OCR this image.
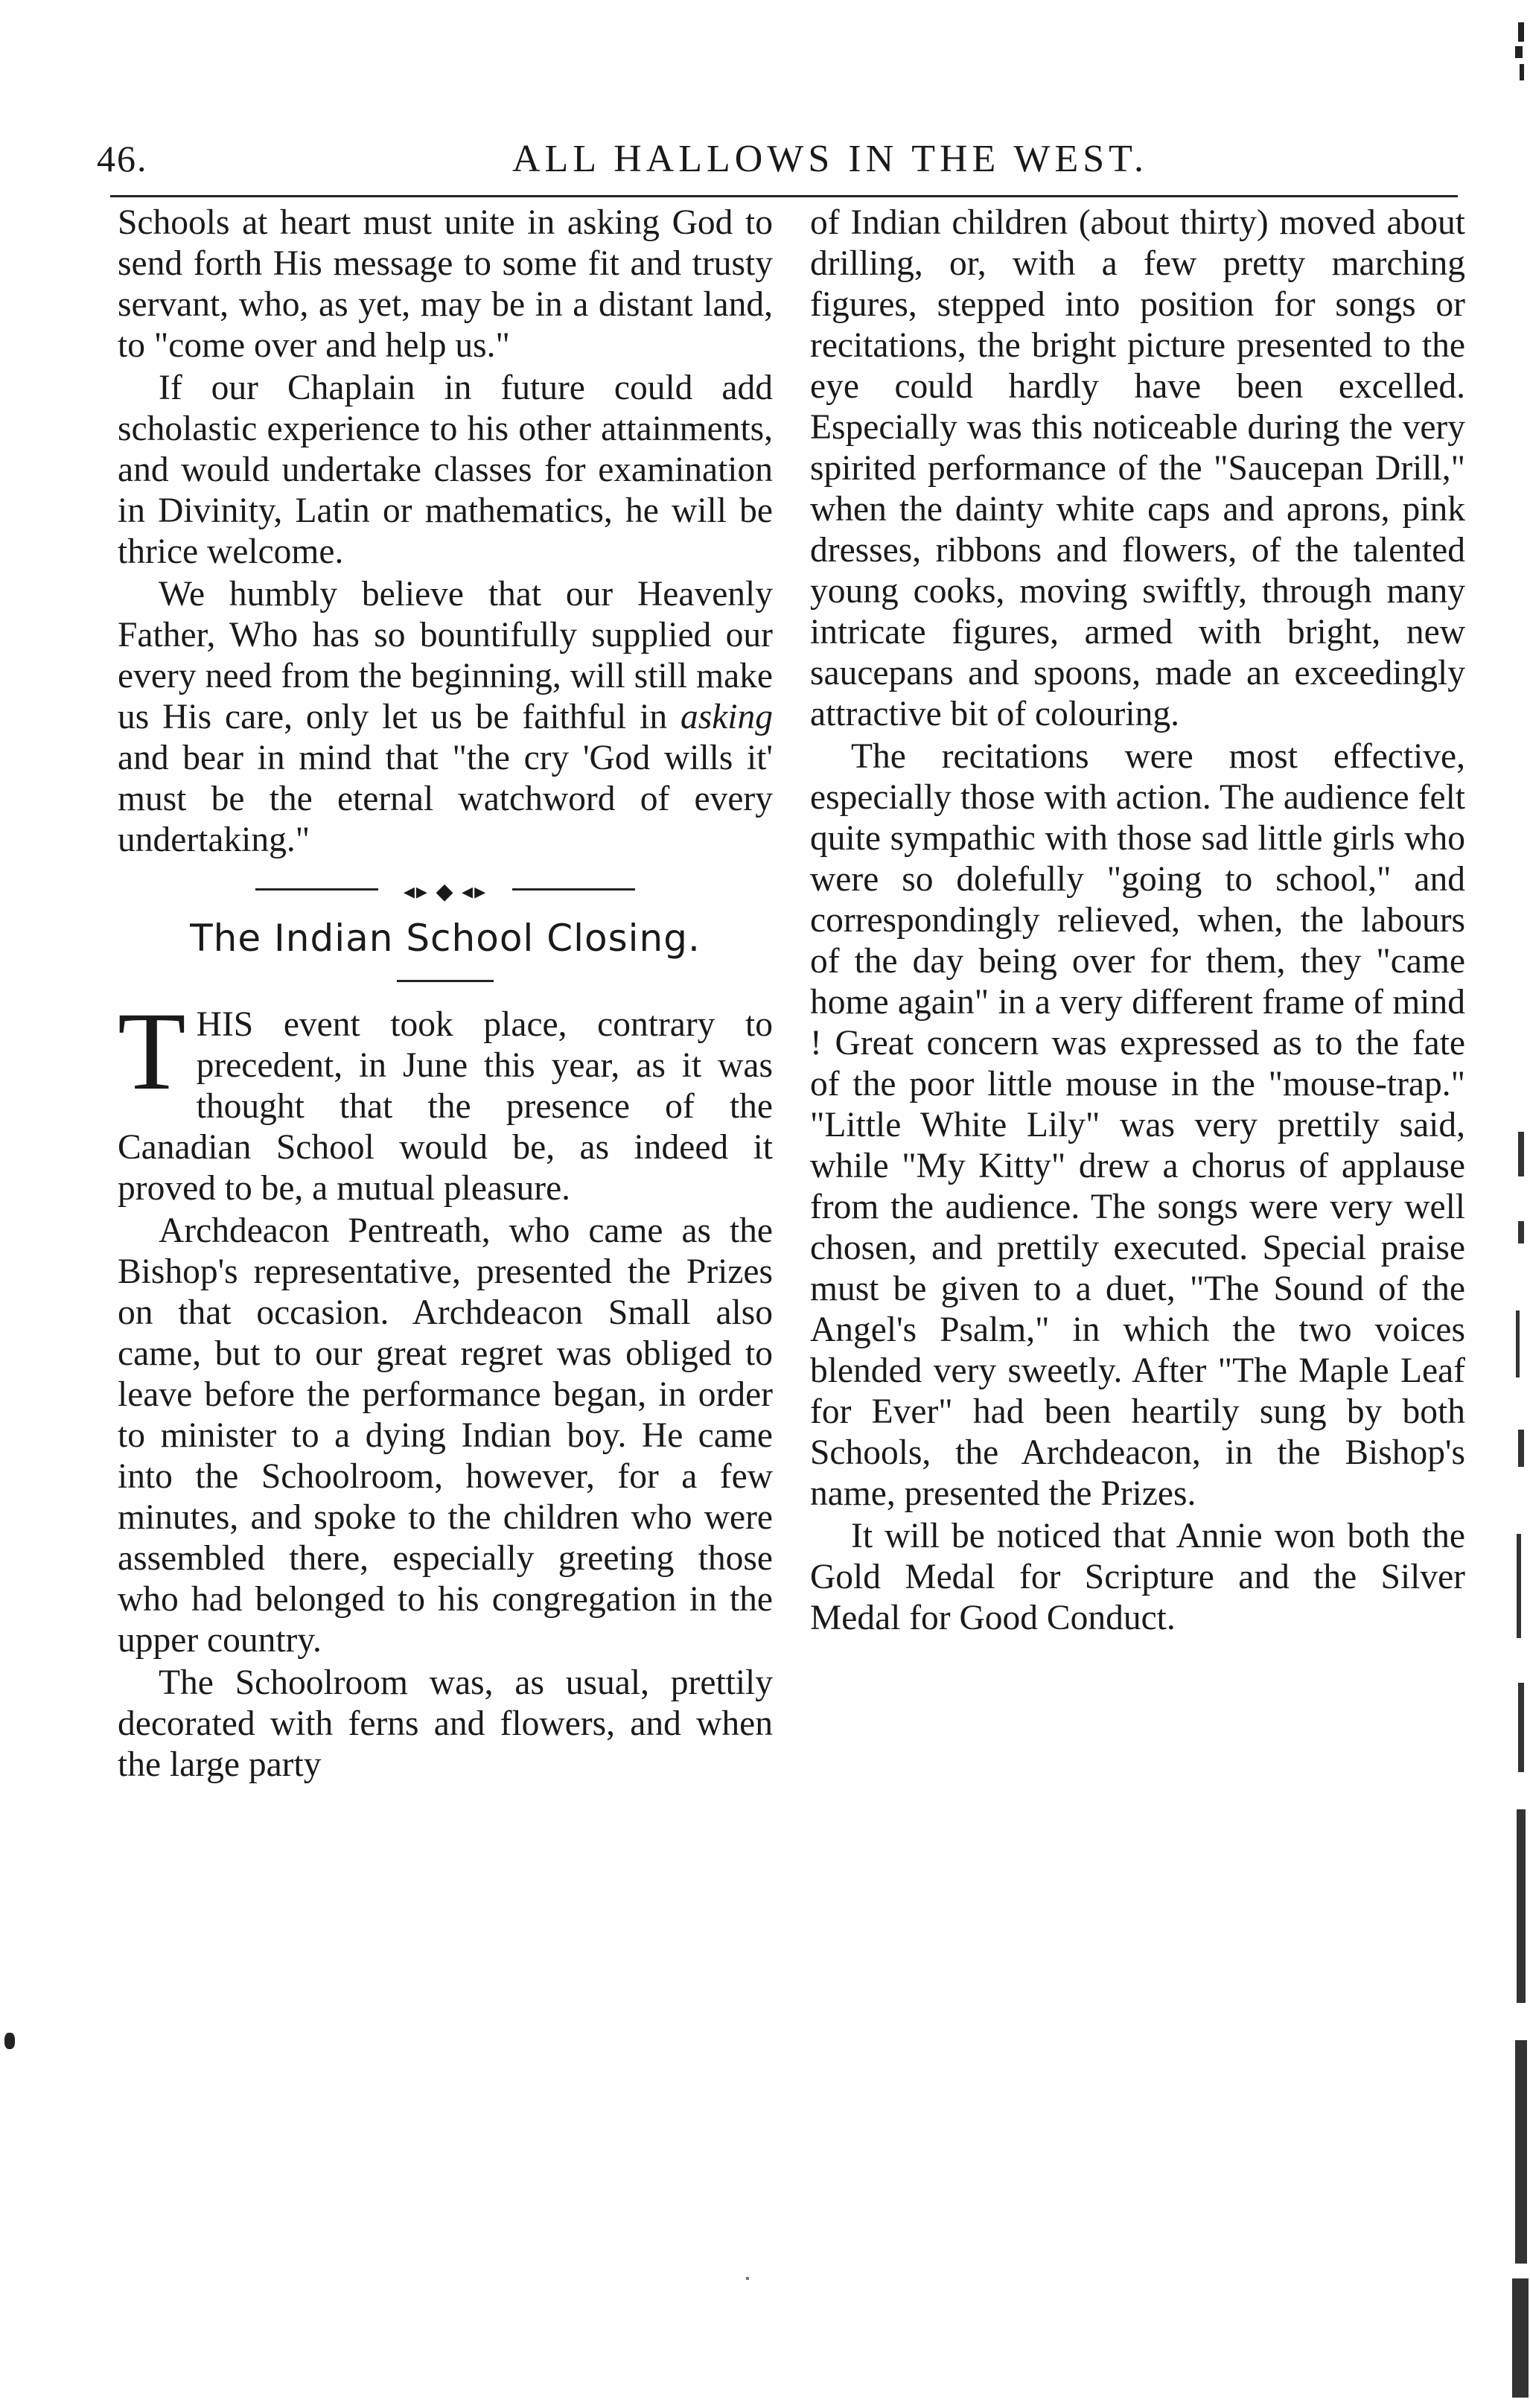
46.	ALL HALLOWS IN THE WEST.

Schools at heart must unite in asking God to send forth His message to some fit and trusty servant, who, as yet, may be in a distant land, to "come over and help us."

If our Chaplain in future could add scholastic experience to his other attainments, and would undertake classes for examination in Divinity, Latin or mathematics, he will be thrice welcome.

We humbly believe that our Heavenly Father, Who has so bountifully supplied our every need from the beginning, will still make us His care, only let us be faithful in asking and bear in mind that "the cry 'God wills it' must be the eternal watchword of every undertaking."

◂▸ ◆ ◂▸
The Indian School Closing.

THIS event took place, contrary to precedent, in June this year, as it was thought that the presence of the Canadian School would be, as indeed it proved to be, a mutual pleasure.

Archdeacon Pentreath, who came as the Bishop's representative, presented the Prizes on that occasion. Archdeacon Small also came, but to our great regret was obliged to leave before the performance began, in order to minister to a dying Indian boy. He came into the Schoolroom, however, for a few minutes, and spoke to the children who were assembled there, especially greeting those who had belonged to his congregation in the upper country.

The Schoolroom was, as usual, prettily decorated with ferns and flowers, and when the large party

of Indian children (about thirty) moved about drilling, or, with a few pretty marching figures, stepped into position for songs or recitations, the bright picture presented to the eye could hardly have been excelled. Especially was this noticeable during the very spirited performance of the "Saucepan Drill," when the dainty white caps and aprons, pink dresses, ribbons and flowers, of the talented young cooks, moving swiftly, through many intricate figures, armed with bright, new saucepans and spoons, made an exceedingly attractive bit of colouring.

The recitations were most effective, especially those with action. The audience felt quite sympathic with those sad little girls who were so dolefully "going to school," and correspondingly relieved, when, the labours of the day being over for them, they "came home again" in a very different frame of mind ! Great concern was expressed as to the fate of the poor little mouse in the "mouse-trap." "Little White Lily" was very prettily said, while "My Kitty" drew a chorus of applause from the audience. The songs were very well chosen, and prettily executed. Special praise must be given to a duet, "The Sound of the Angel's Psalm," in which the two voices blended very sweetly. After "The Maple Leaf for Ever" had been heartily sung by both Schools, the Archdeacon, in the Bishop's name, presented the Prizes.

It will be noticed that Annie won both the Gold Medal for Scripture and the Silver Medal for Good Conduct.
